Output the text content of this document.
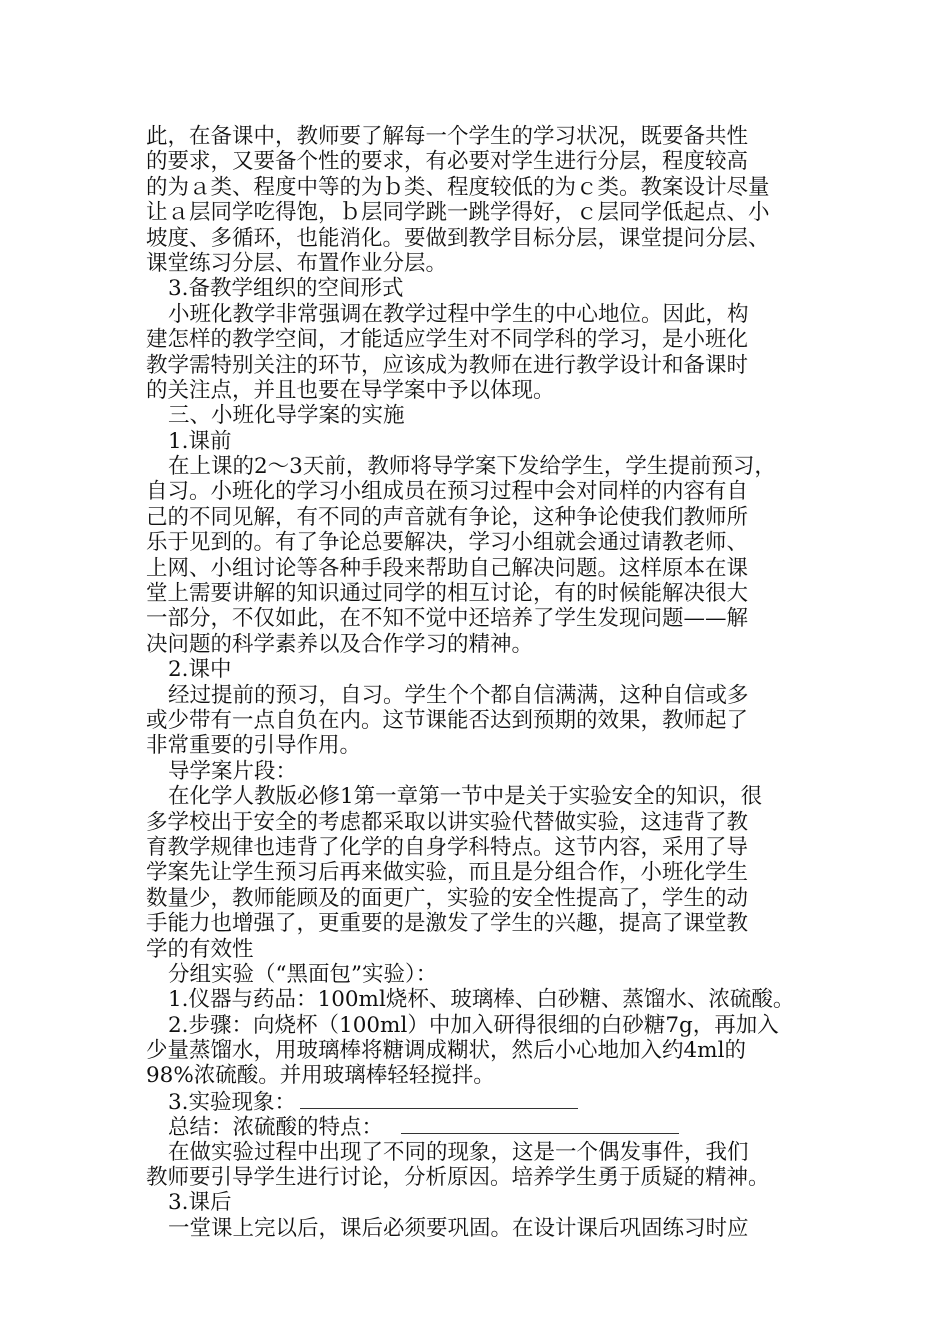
此，在备课中，教师要了解每一个学生的学习状况，既要备共性
的要求，又要备个性的要求，有必要对学生进行分层，程度较高
的为ａ类、程度中等的为ｂ类、程度较低的为ｃ类。教案设计尽量
让ａ层同学吃得饱，ｂ层同学跳一跳学得好，ｃ层同学低起点、小
坡度、多循环，也能消化。要做到教学目标分层，课堂提问分层、
课堂练习分层、布置作业分层。
3.备教学组织的空间形式
小班化教学非常强调在教学过程中学生的中心地位。因此，构
建怎样的教学空间，才能适应学生对不同学科的学习，是小班化
教学需特别关注的环节，应该成为教师在进行教学设计和备课时
的关注点，并且也要在导学案中予以体现。
三、小班化导学案的实施
1.课前
在上课的2～3天前，教师将导学案下发给学生，学生提前预习，
自习。小班化的学习小组成员在预习过程中会对同样的内容有自
己的不同见解，有不同的声音就有争论，这种争论使我们教师所
乐于见到的。有了争论总要解决，学习小组就会通过请教老师、
上网、小组讨论等各种手段来帮助自己解决问题。这样原本在课
堂上需要讲解的知识通过同学的相互讨论，有的时候能解决很大
一部分，不仅如此，在不知不觉中还培养了学生发现问题——解
决问题的科学素养以及合作学习的精神。
2.课中
经过提前的预习，自习。学生个个都自信满满，这种自信或多
或少带有一点自负在内。这节课能否达到预期的效果，教师起了
非常重要的引导作用。
导学案片段：
在化学人教版必修1第一章第一节中是关于实验安全的知识，很
多学校出于安全的考虑都采取以讲实验代替做实验，这违背了教
育教学规律也违背了化学的自身学科特点。这节内容，采用了导
学案先让学生预习后再来做实验，而且是分组合作，小班化学生
数量少，教师能顾及的面更广，实验的安全性提高了，学生的动
手能力也增强了，更重要的是激发了学生的兴趣，提高了课堂教
学的有效性
分组实验（“黑面包”实验）：
1.仪器与药品：100ml烧杯、玻璃棒、白砂糖、蒸馏水、浓硫酸。
2.步骤：向烧杯（100ml）中加入研得很细的白砂糖7g，再加入
少量蒸馏水，用玻璃棒将糖调成糊状，然后小心地加入约4ml的
98%浓硫酸。并用玻璃棒轻轻搅拌。
3.实验现象：
总结：浓硫酸的特点：
在做实验过程中出现了不同的现象，这是一个偶发事件，我们
教师要引导学生进行讨论，分析原因。培养学生勇于质疑的精神。
3.课后
一堂课上完以后，课后必须要巩固。在设计课后巩固练习时应
